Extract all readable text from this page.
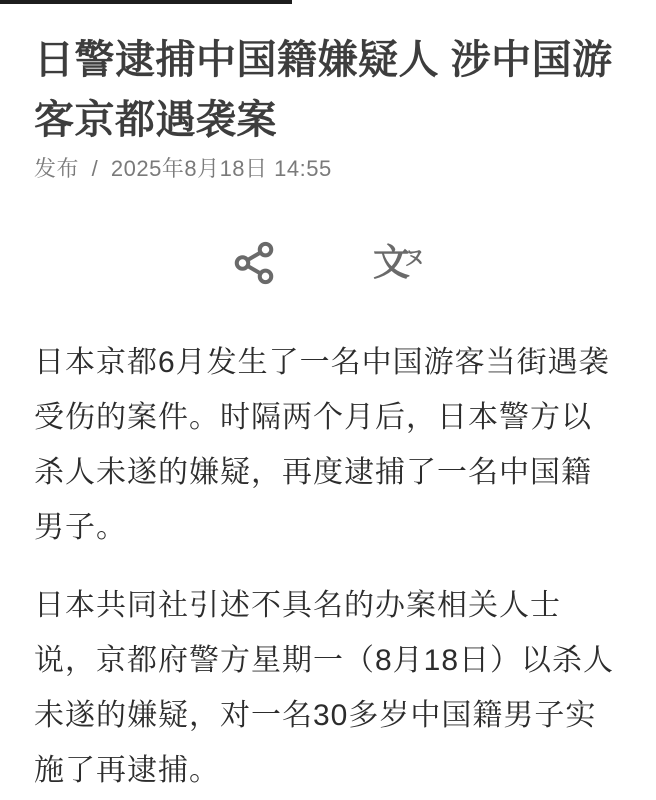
日警逮捕中国籍嫌疑人 涉中国游客京都遇袭案
发布 / 2025年8月18日 14:55
文
ヌ

日本京都6月发生了一名中国游客当街遇袭受伤的案件。时隔两个月后，日本警方以杀人未遂的嫌疑，再度逮捕了一名中国籍男子。

日本共同社引述不具名的办案相关人士说，京都府警方星期一（8月18日）以杀人未遂的嫌疑，对一名30多岁中国籍男子实施了再逮捕。
